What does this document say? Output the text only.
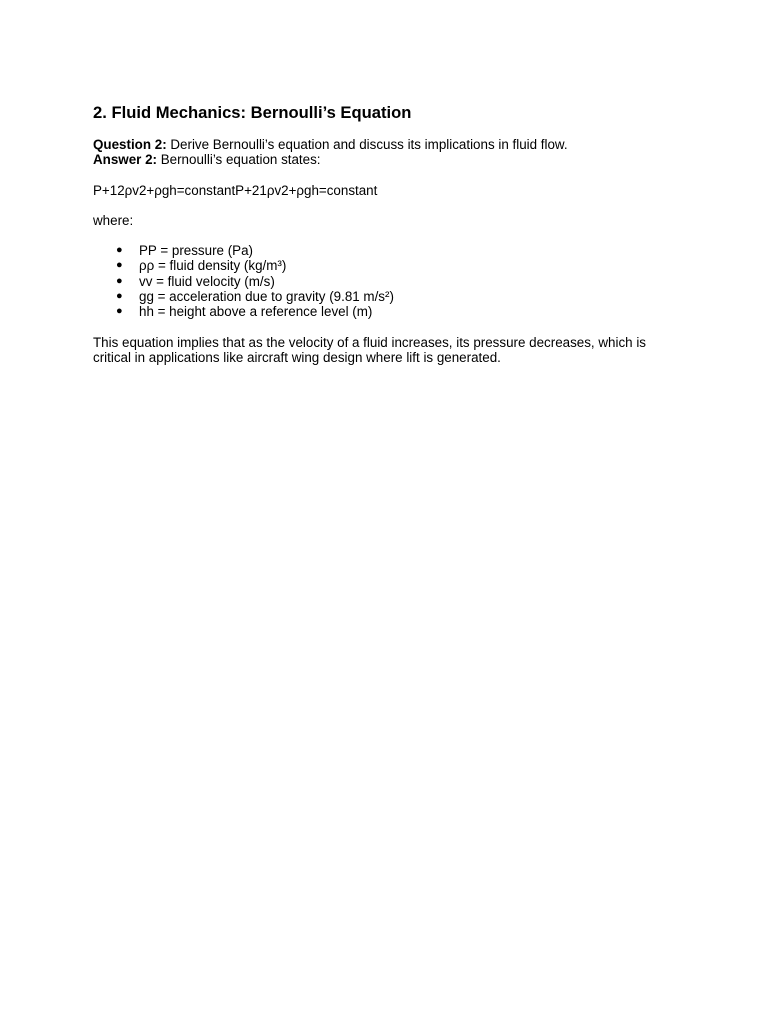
2. Fluid Mechanics: Bernoulli’s Equation

Question 2: Derive Bernoulli’s equation and discuss its implications in fluid flow.

Answer 2: Bernoulli’s equation states:

P+12ρv2+ρgh=constantP+21ρv2+ρgh=constant

where:

● PP = pressure (Pa)
● ρρ = fluid density (kg/m³)
● vv = fluid velocity (m/s)
● gg = acceleration due to gravity (9.81 m/s²)
● hh = height above a reference level (m)

This equation implies that as the velocity of a fluid increases, its pressure decreases, which is critical in applications like aircraft wing design where lift is generated.
